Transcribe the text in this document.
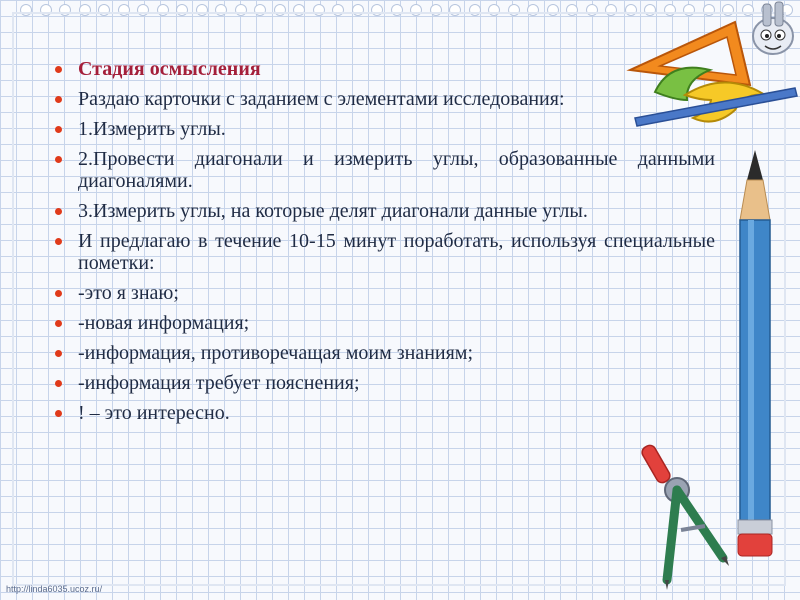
Стадия осмысления
Раздаю карточки с заданием с элементами исследования:
1.Измерить углы.
2.Провести диагонали и измерить углы, образованные данными диагоналями.
3.Измерить углы, на которые делят диагонали данные углы.
И предлагаю в течение 10-15 минут поработать, используя специальные пометки:
-это я знаю;
-новая информация;
-информация, противоречащая моим знаниям;
-информация требует пояснения;
! – это интересно.
http://linda6035.ucoz.ru/
